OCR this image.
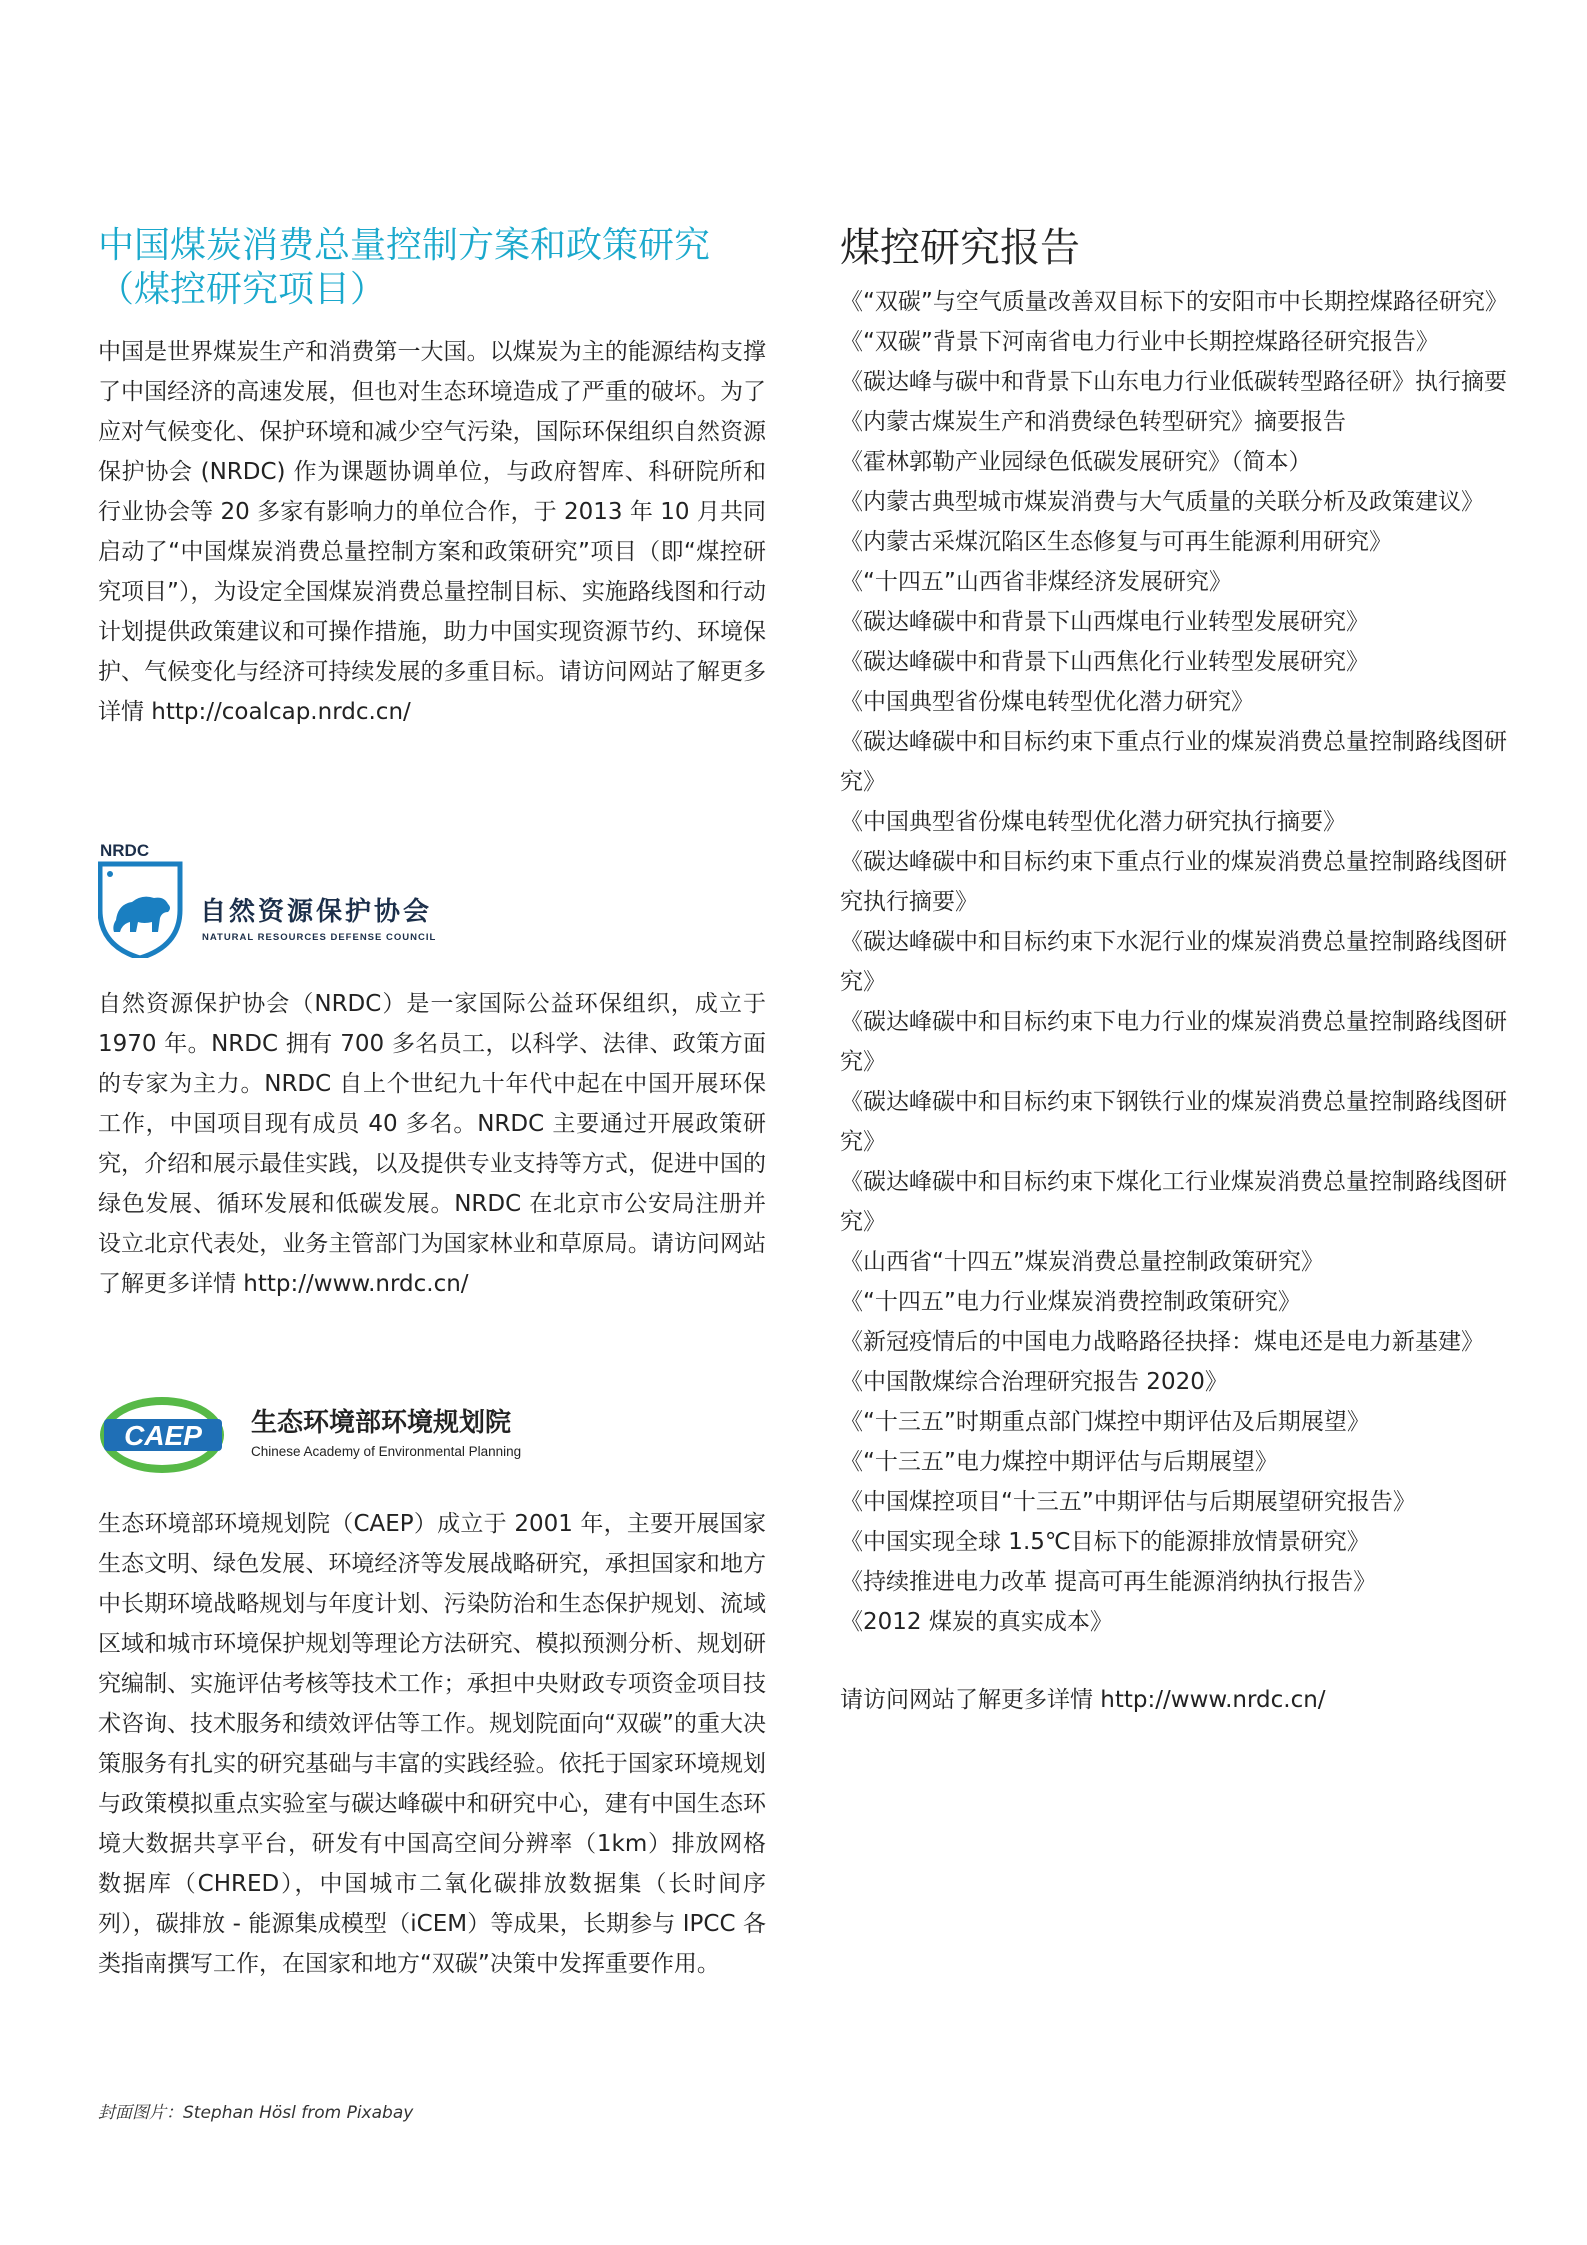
中国煤炭消费总量控制方案和政策研究
（煤控研究项目）

中国是世界煤炭生产和消费第一大国。以煤炭为主的能源结构支撑了中国经济的高速发展，但也对生态环境造成了严重的破坏。为了应对气候变化、保护环境和减少空气污染，国际环保组织自然资源保护协会 (NRDC) 作为课题协调单位，与政府智库、科研院所和行业协会等 20 多家有影响力的单位合作，于 2013 年 10 月共同启动了“中国煤炭消费总量控制方案和政策研究”项目（即“煤控研究项目”），为设定全国煤炭消费总量控制目标、实施路线图和行动计划提供政策建议和可操作措施，助力中国实现资源节约、环境保护、气候变化与经济可持续发展的多重目标。请访问网站了解更多详情 http://coalcap.nrdc.cn/

NRDC
自然资源保护协会
NATURAL RESOURCES DEFENSE COUNCIL

自然资源保护协会（NRDC）是一家国际公益环保组织，成立于1970 年。NRDC 拥有 700 多名员工，以科学、法律、政策方面的专家为主力。NRDC 自上个世纪九十年代中起在中国开展环保工作，中国项目现有成员 40 多名。NRDC 主要通过开展政策研究，介绍和展示最佳实践，以及提供专业支持等方式，促进中国的绿色发展、循环发展和低碳发展。NRDC 在北京市公安局注册并设立北京代表处，业务主管部门为国家林业和草原局。请访问网站了解更多详情 http://www.nrdc.cn/

CAEP 生态环境部环境规划院
Chinese Academy of Environmental Planning

生态环境部环境规划院（CAEP）成立于 2001 年，主要开展国家生态文明、绿色发展、环境经济等发展战略研究，承担国家和地方中长期环境战略规划与年度计划、污染防治和生态保护规划、流域区域和城市环境保护规划等理论方法研究、模拟预测分析、规划研究编制、实施评估考核等技术工作；承担中央财政专项资金项目技术咨询、技术服务和绩效评估等工作。规划院面向“双碳”的重大决策服务有扎实的研究基础与丰富的实践经验。依托于国家环境规划与政策模拟重点实验室与碳达峰碳中和研究中心，建有中国生态环境大数据共享平台，研发有中国高空间分辨率（1km）排放网格数据库（CHRED），中国城市二氧化碳排放数据集（长时间序列），碳排放 - 能源集成模型（iCEM）等成果，长期参与 IPCC 各类指南撰写工作，在国家和地方“双碳”决策中发挥重要作用。

煤控研究报告
《“双碳”与空气质量改善双目标下的安阳市中长期控煤路径研究》
《“双碳”背景下河南省电力行业中长期控煤路径研究报告》
《碳达峰与碳中和背景下山东电力行业低碳转型路径研》执行摘要
《内蒙古煤炭生产和消费绿色转型研究》摘要报告
《霍林郭勒产业园绿色低碳发展研究》（简本）
《内蒙古典型城市煤炭消费与大气质量的关联分析及政策建议》
《内蒙古采煤沉陷区生态修复与可再生能源利用研究》
《“十四五”山西省非煤经济发展研究》
《碳达峰碳中和背景下山西煤电行业转型发展研究》
《碳达峰碳中和背景下山西焦化行业转型发展研究》
《中国典型省份煤电转型优化潜力研究》
《碳达峰碳中和目标约束下重点行业的煤炭消费总量控制路线图研究》
《中国典型省份煤电转型优化潜力研究执行摘要》
《碳达峰碳中和目标约束下重点行业的煤炭消费总量控制路线图研究执行摘要》
《碳达峰碳中和目标约束下水泥行业的煤炭消费总量控制路线图研究》
《碳达峰碳中和目标约束下电力行业的煤炭消费总量控制路线图研究》
《碳达峰碳中和目标约束下钢铁行业的煤炭消费总量控制路线图研究》
《碳达峰碳中和目标约束下煤化工行业煤炭消费总量控制路线图研究》
《山西省“十四五”煤炭消费总量控制政策研究》
《“十四五”电力行业煤炭消费控制政策研究》
《新冠疫情后的中国电力战略路径抉择：煤电还是电力新基建》
《中国散煤综合治理研究报告 2020》
《“十三五”时期重点部门煤控中期评估及后期展望》
《“十三五”电力煤控中期评估与后期展望》
《中国煤控项目“十三五”中期评估与后期展望研究报告》
《中国实现全球 1.5℃目标下的能源排放情景研究》
《持续推进电力改革 提高可再生能源消纳执行报告》
《2012 煤炭的真实成本》
请访问网站了解更多详情 http://www.nrdc.cn/
封面图片：Stephan Hösl from Pixabay
